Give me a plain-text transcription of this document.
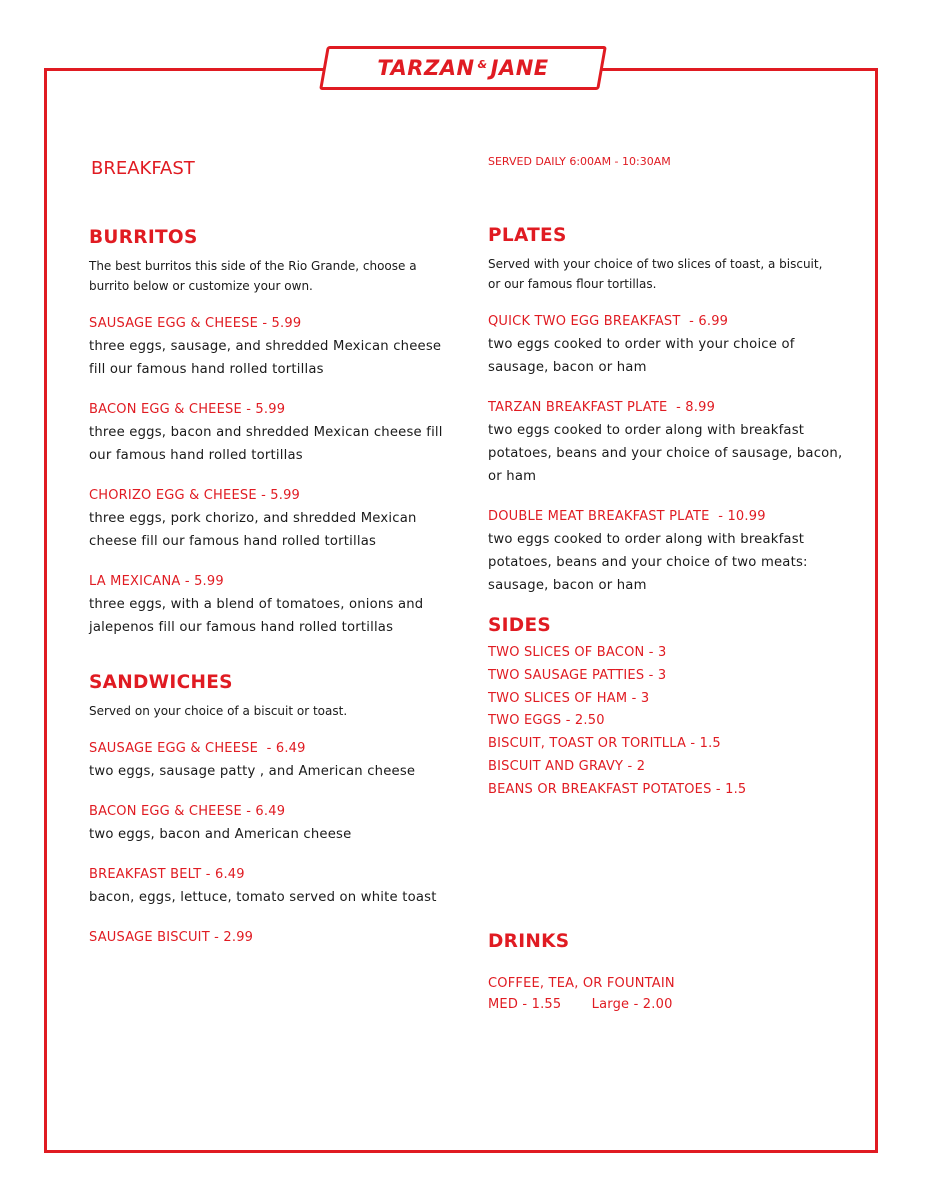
TARZAN & JANE
BREAKFAST	SERVED DAILY 6:00AM - 10:30AM
BURRITOS
The best burritos this side of the Rio Grande, choose a burrito below or customize your own.
SAUSAGE EGG & CHEESE - 5.99
three eggs, sausage, and shredded Mexican cheese fill our famous hand rolled tortillas
BACON EGG & CHEESE - 5.99
three eggs, bacon and shredded Mexican cheese fill our famous hand rolled tortillas
CHORIZO EGG & CHEESE - 5.99
three eggs, pork chorizo, and shredded Mexican cheese fill our famous hand rolled tortillas
LA MEXICANA - 5.99
three eggs, with a blend of tomatoes, onions and jalepenos fill our famous hand rolled tortillas
SANDWICHES
Served on your choice of a biscuit or toast.
SAUSAGE EGG & CHEESE  - 6.49
two eggs, sausage patty , and American cheese
BACON EGG & CHEESE - 6.49
two eggs, bacon and American cheese
BREAKFAST BELT - 6.49
bacon, eggs, lettuce, tomato served on white toast
SAUSAGE BISCUIT - 2.99
PLATES
Served with your choice of two slices of toast, a biscuit, or our famous flour tortillas.
QUICK TWO EGG BREAKFAST  - 6.99
two eggs cooked to order with your choice of sausage, bacon or ham
TARZAN BREAKFAST PLATE  - 8.99
two eggs cooked to order along with breakfast potatoes, beans and your choice of sausage, bacon, or ham
DOUBLE MEAT BREAKFAST PLATE  - 10.99
two eggs cooked to order along with breakfast potatoes, beans and your choice of two meats: sausage, bacon or ham
SIDES
TWO SLICES OF BACON - 3
TWO SAUSAGE PATTIES - 3
TWO SLICES OF HAM - 3
TWO EGGS - 2.50
BISCUIT, TOAST OR TORITLLA - 1.5
BISCUIT AND GRAVY - 2
BEANS OR BREAKFAST POTATOES - 1.5
DRINKS
COFFEE, TEA, OR FOUNTAIN
MED - 1.55       Large - 2.00
